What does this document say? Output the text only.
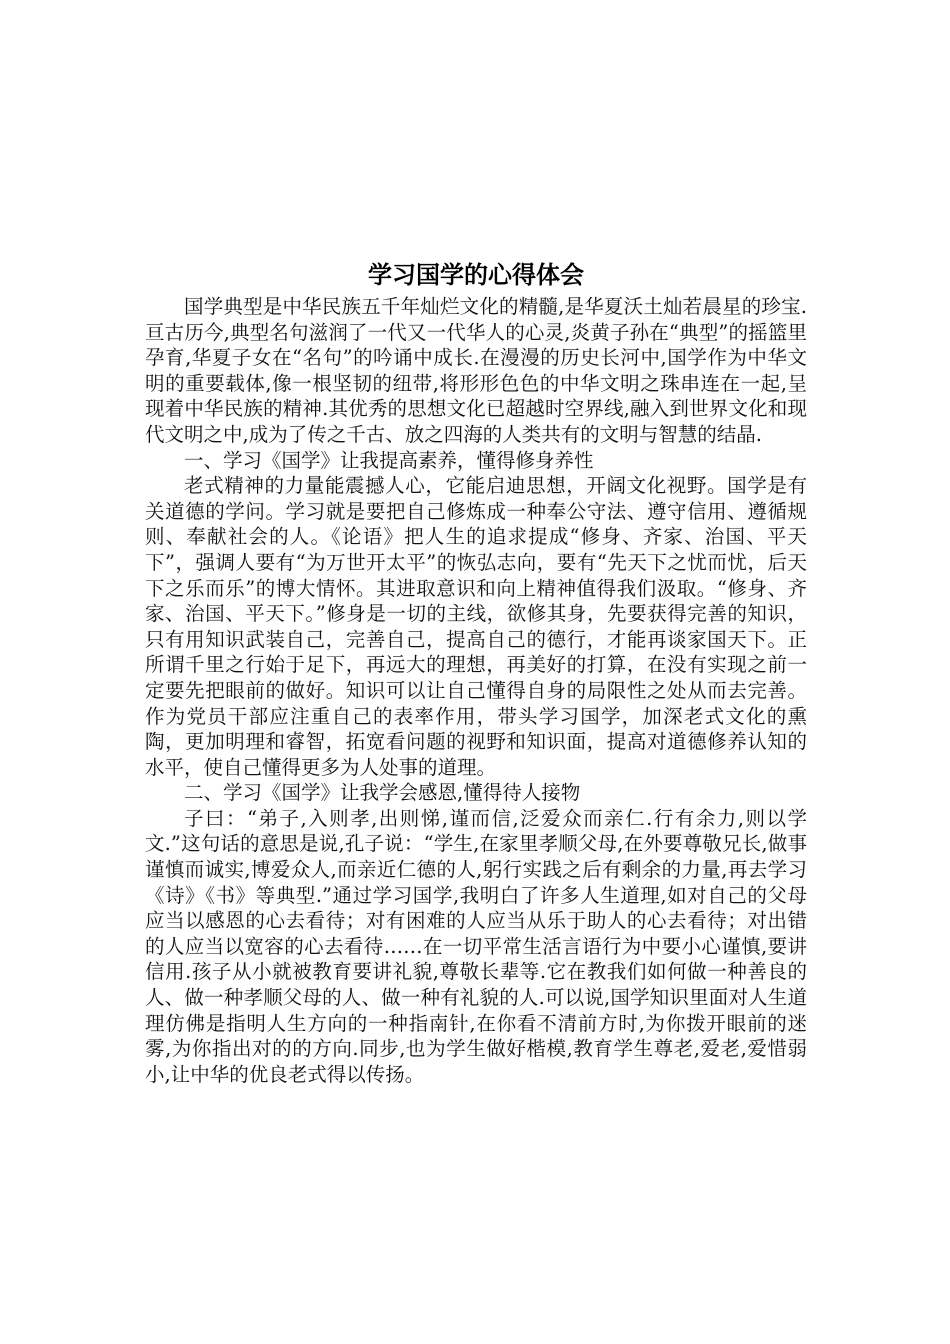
学习国学的心得体会

国学典型是中华民族五千年灿烂文化的精髓,是华夏沃土灿若晨星的珍宝.亘古历今,典型名句滋润了一代又一代华人的心灵,炎黄子孙在“典型”的摇篮里孕育,华夏子女在“名句”的吟诵中成长.在漫漫的历史长河中,国学作为中华文明的重要载体,像一根坚韧的纽带,将形形色色的中华文明之珠串连在一起,呈现着中华民族的精神.其优秀的思想文化已超越时空界线,融入到世界文化和现代文明之中,成为了传之千古、放之四海的人类共有的文明与智慧的结晶.

一、学习《国学》让我提高素养，懂得修身养性

老式精神的力量能震撼人心，它能启迪思想，开阔文化视野。国学是有关道德的学问。学习就是要把自己修炼成一种奉公守法、遵守信用、遵循规则、奉献社会的人。《论语》把人生的追求提成“修身、齐家、治国、平天下”，强调人要有“为万世开太平”的恢弘志向，要有“先天下之忧而忧，后天下之乐而乐”的博大情怀。其进取意识和向上精神值得我们汲取。“修身、齐家、治国、平天下。”修身是一切的主线，欲修其身，先要获得完善的知识，只有用知识武装自己，完善自己，提高自己的德行，才能再谈家国天下。正所谓千里之行始于足下，再远大的理想，再美好的打算，在没有实现之前一定要先把眼前的做好。知识可以让自己懂得自身的局限性之处从而去完善。作为党员干部应注重自己的表率作用，带头学习国学，加深老式文化的熏陶，更加明理和睿智，拓宽看问题的视野和知识面，提高对道德修养认知的水平，使自己懂得更多为人处事的道理。

二、学习《国学》让我学会感恩,懂得待人接物

子曰：“弟子,入则孝,出则悌,谨而信,泛爱众而亲仁.行有余力,则以学文.”这句话的意思是说,孔子说：“学生,在家里孝顺父母,在外要尊敬兄长,做事谨慎而诚实,博爱众人,而亲近仁德的人,躬行实践之后有剩余的力量,再去学习《诗》《书》等典型.”通过学习国学,我明白了许多人生道理,如对自己的父母应当以感恩的心去看待；对有困难的人应当从乐于助人的心去看待；对出错的人应当以宽容的心去看待……在一切平常生活言语行为中要小心谨慎,要讲信用.孩子从小就被教育要讲礼貌,尊敬长辈等.它在教我们如何做一种善良的人、做一种孝顺父母的人、做一种有礼貌的人.可以说,国学知识里面对人生道理仿佛是指明人生方向的一种指南针,在你看不清前方时,为你拨开眼前的迷雾,为你指出对的的方向.同步,也为学生做好楷模,教育学生尊老,爱老,爱惜弱小,让中华的优良老式得以传扬。
